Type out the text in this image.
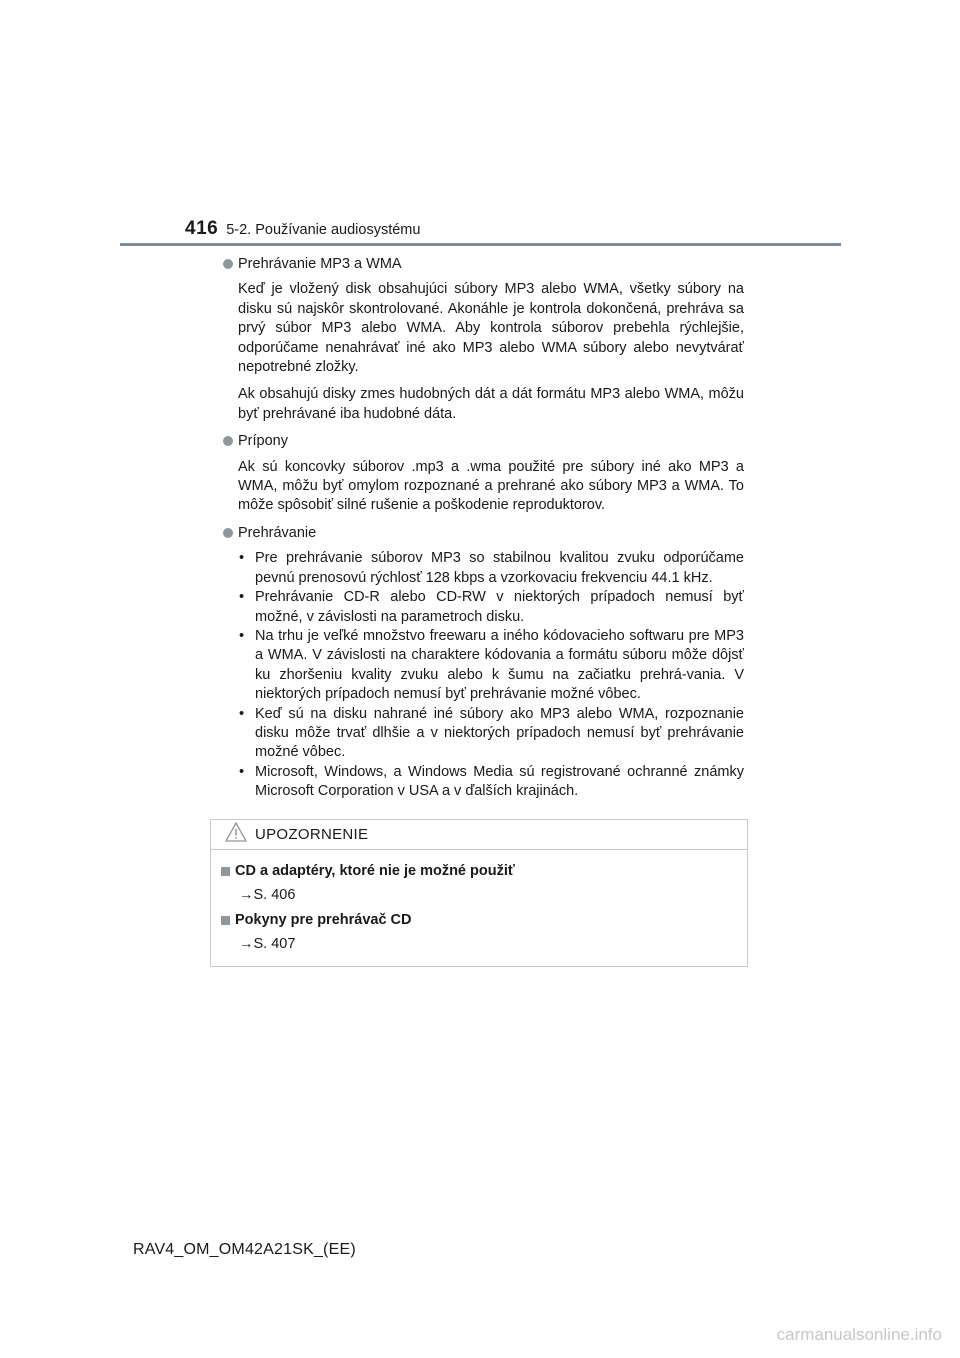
416 5-2. Používanie audiosystému
Prehrávanie MP3 a WMA
Keď je vložený disk obsahujúci súbory MP3 alebo WMA, všetky súbory na disku sú najskôr skontrolované. Akonáhle je kontrola dokončená, prehráva sa prvý súbor MP3 alebo WMA. Aby kontrola súborov prebehla rýchlejšie, odporúčame nenahrávať iné ako MP3 alebo WMA súbory alebo nevytvárať nepotrebné zložky.
Ak obsahujú disky zmes hudobných dát a dát formátu MP3 alebo WMA, môžu byť prehrávané iba hudobné dáta.
Prípony
Ak sú koncovky súborov .mp3 a .wma použité pre súbory iné ako MP3 a WMA, môžu byť omylom rozpoznané a prehrané ako súbory MP3 a WMA. To môže spôsobiť silné rušenie a poškodenie reproduktorov.
Prehrávanie
• Pre prehrávanie súborov MP3 so stabilnou kvalitou zvuku odporúčame pevnú prenosovú rýchlosť 128 kbps a vzorkovaciu frekvenciu 44.1 kHz.
• Prehrávanie CD-R alebo CD-RW v niektorých prípadoch nemusí byť možné, v závislosti na parametroch disku.
• Na trhu je veľké množstvo freewaru a iného kódovacieho softwaru pre MP3 a WMA. V závislosti na charaktere kódovania a formátu súboru môže dôjsť ku zhoršeniu kvality zvuku alebo k šumu na začiatku prehrá-vania. V niektorých prípadoch nemusí byť prehrávanie možné vôbec.
• Keď sú na disku nahrané iné súbory ako MP3 alebo WMA, rozpoznanie disku môže trvať dlhšie a v niektorých prípadoch nemusí byť prehrávanie možné vôbec.
• Microsoft, Windows, a Windows Media sú registrované ochranné známky Microsoft Corporation v USA a v ďalších krajinách.
UPOZORNENIE
CD a adaptéry, ktoré nie je možné použiť
→S. 406
Pokyny pre prehrávač CD
→S. 407
RAV4_OM_OM42A21SK_(EE)
carmanualsonline.info
